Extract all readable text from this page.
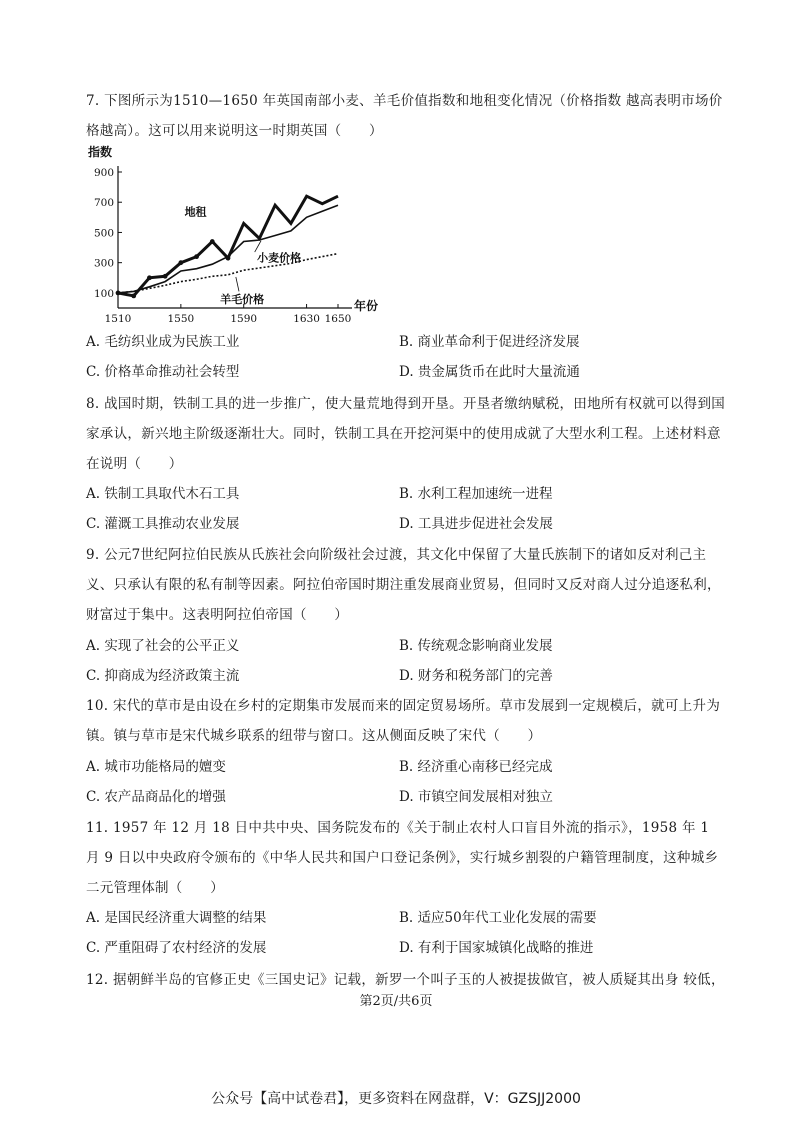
7. 下图所示为1510—1650 年英国南部小麦、羊毛价值指数和地租变化情况（价格指数 越高表明市场价格越高）。这可以用来说明这一时期英国（　　）
100
300
500
700
900
1510	1550	1590	1630 1650
指数
年份
地租
小麦价格
羊毛价格
A. 毛纺织业成为民族工业	B. 商业革命利于促进经济发展
C. 价格革命推动社会转型	D. 贵金属货币在此时大量流通
8. 战国时期，铁制工具的进一步推广，使大量荒地得到开垦。开垦者缴纳赋税，田地所有权就可以得到国家承认，新兴地主阶级逐渐壮大。同时，铁制工具在开挖河渠中的使用成就了大型水利工程。上述材料意在说明（　　）
A. 铁制工具取代木石工具	B. 水利工程加速统一进程
C. 灌溉工具推动农业发展	D. 工具进步促进社会发展
9. 公元7世纪阿拉伯民族从氏族社会向阶级社会过渡，其文化中保留了大量氏族制下的诸如反对利己主义、只承认有限的私有制等因素。阿拉伯帝国时期注重发展商业贸易，但同时又反对商人过分追逐私利，财富过于集中。这表明阿拉伯帝国（　　）
A. 实现了社会的公平正义	B. 传统观念影响商业发展
C. 抑商成为经济政策主流	D. 财务和税务部门的完善
10. 宋代的草市是由设在乡村的定期集市发展而来的固定贸易场所。草市发展到一定规模后，就可上升为镇。镇与草市是宋代城乡联系的纽带与窗口。这从侧面反映了宋代（　　）
A. 城市功能格局的嬗变	B. 经济重心南移已经完成
C. 农产品商品化的增强	D. 市镇空间发展相对独立
11. 1957 年 12 月 18 日中共中央、国务院发布的《关于制止农村人口盲目外流的指示》，1958 年 1 月 9 日以中央政府令颁布的《中华人民共和国户口登记条例》，实行城乡割裂的户籍管理制度，这种城乡二元管理体制（　　）
A. 是国民经济重大调整的结果	B. 适应50年代工业化发展的需要
C. 严重阻碍了农村经济的发展	D. 有利于国家城镇化战略的推进
12. 据朝鲜半岛的官修正史《三国史记》记载，新罗一个叫子玉的人被提拔做官，被人质疑其出身 较低，
第2页/共6页
公众号【高中试卷君】，更多资料在网盘群，V：GZSJJ2000
